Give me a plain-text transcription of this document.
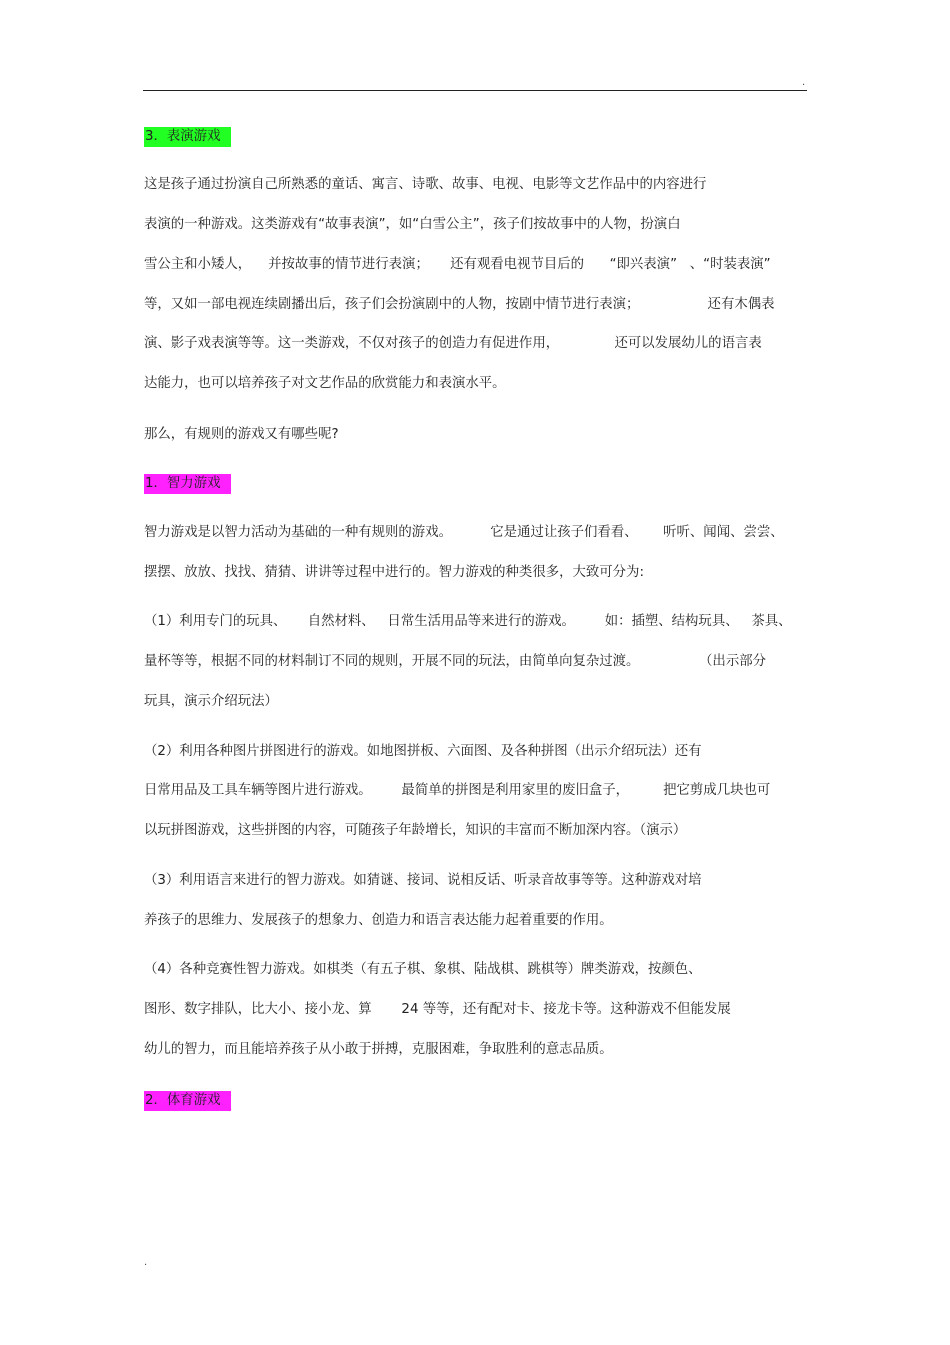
.
3．表演游戏
这是孩子通过扮演自己所熟悉的童话、寓言、诗歌、故事、电视、电影等文艺作品中的内容进行
表演的一种游戏。这类游戏有“故事表演”，如“白雪公主”，孩子们按故事中的人物，扮演白
雪公主和小矮人，    并按故事的情节进行表演；     还有观看电视节目后的      “即兴表演”   、“时装表演”
等，又如一部电视连续剧播出后，孩子们会扮演剧中的人物，按剧中情节进行表演；                还有木偶表
演、影子戏表演等等。这一类游戏，不仅对孩子的创造力有促进作用，             还可以发展幼儿的语言表
达能力，也可以培养孩子对文艺作品的欣赏能力和表演水平。
那么，有规则的游戏又有哪些呢?
1．智力游戏
智力游戏是以智力活动为基础的一种有规则的游戏。         它是通过让孩子们看看、      听听、闻闻、尝尝、
摆摆、放放、找找、猜猜、讲讲等过程中进行的。智力游戏的种类很多，大致可分为:
（1）利用专门的玩具、     自然材料、   日常生活用品等来进行的游戏。       如：插塑、结构玩具、   茶具、
量杯等等，根据不同的材料制订不同的规则，开展不同的玩法，由简单向复杂过渡。              （出示部分
玩具，演示介绍玩法）
（2）利用各种图片拼图进行的游戏。如地图拼板、六面图、及各种拼图（出示介绍玩法）还有
日常用品及工具车辆等图片进行游戏。       最简单的拼图是利用家里的废旧盒子，        把它剪成几块也可
以玩拼图游戏，这些拼图的内容，可随孩子年龄增长，知识的丰富而不断加深内容。（演示）
（3）利用语言来进行的智力游戏。如猜谜、接词、说相反话、听录音故事等等。这种游戏对培
养孩子的思维力、发展孩子的想象力、创造力和语言表达能力起着重要的作用。
（4）各种竞赛性智力游戏。如棋类（有五子棋、象棋、陆战棋、跳棋等）牌类游戏，按颜色、
图形、数字排队，比大小、接小龙、算       24 等等，还有配对卡、接龙卡等。这种游戏不但能发展
幼儿的智力，而且能培养孩子从小敢于拼搏，克服困难，争取胜利的意志品质。
2．体育游戏
.
